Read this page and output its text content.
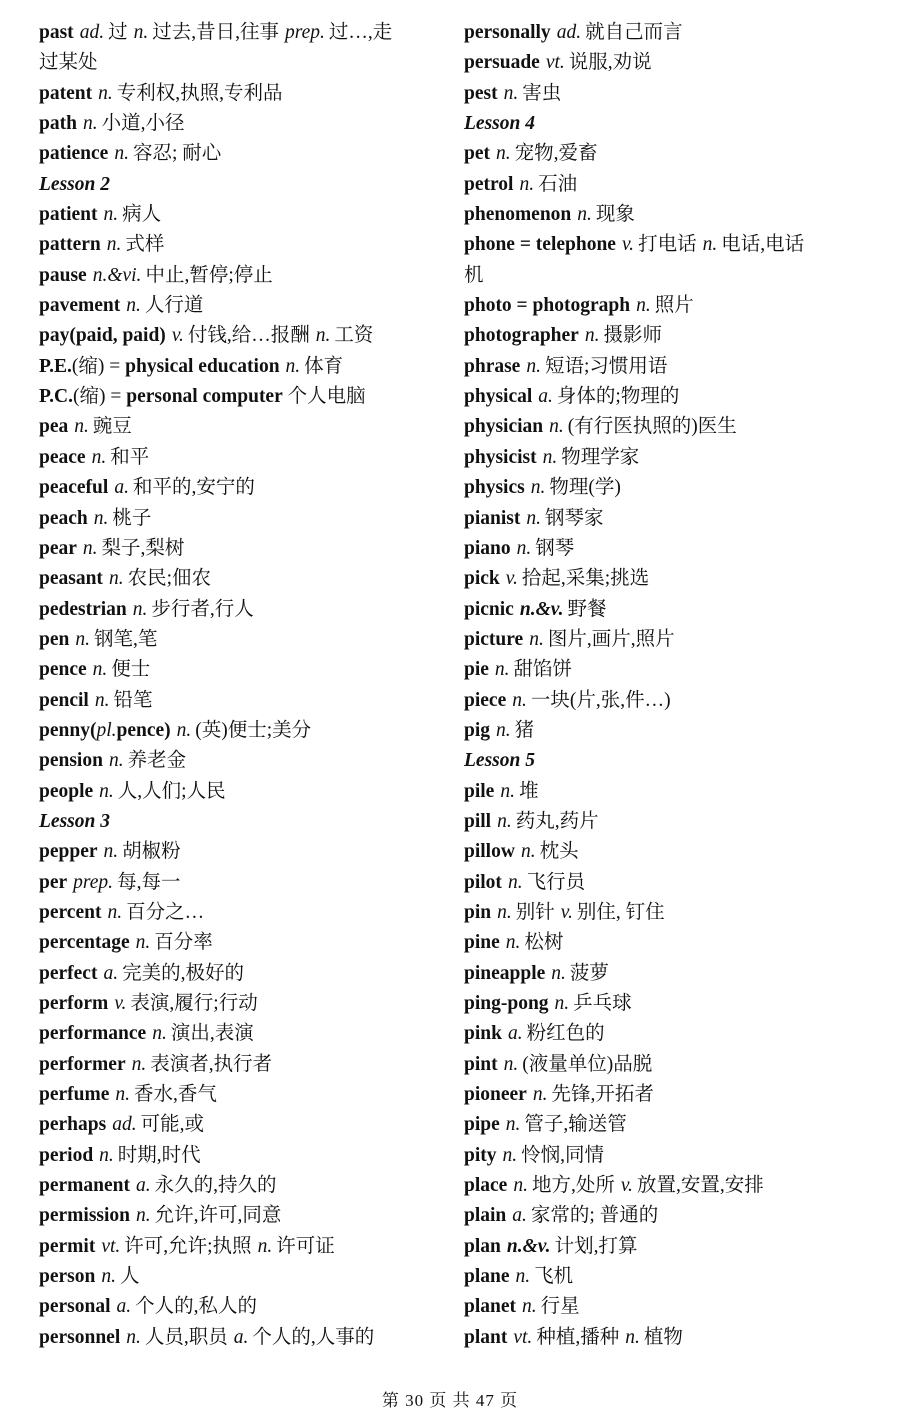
past ad. 过 n. 过去,昔日,往事 prep. 过…,走
过某处
patent n. 专利权,执照,专利品
path n. 小道,小径
patience n. 容忍; 耐心
Lesson 2
patient n. 病人
pattern n. 式样
pause n.&vi. 中止,暂停;停止
pavement n. 人行道
pay(paid, paid) v. 付钱,给…报酬 n. 工资
P.E.(缩) = physical education n. 体育
P.C.(缩) = personal computer 个人电脑
pea n. 豌豆
peace n. 和平
peaceful a. 和平的,安宁的
peach n. 桃子
pear n. 梨子,梨树
peasant n. 农民;佃农
pedestrian n. 步行者,行人
pen n. 钢笔,笔
pence n. 便士
pencil n. 铅笔
penny(pl.pence) n. (英)便士;美分
pension n. 养老金
people n. 人,人们;人民
Lesson 3
pepper n. 胡椒粉
per prep. 每,每一
percent n. 百分之…
percentage n. 百分率
perfect a. 完美的,极好的
perform v. 表演,履行;行动
performance n. 演出,表演
performer n. 表演者,执行者
perfume n. 香水,香气
perhaps ad. 可能,或
period n. 时期,时代
permanent a. 永久的,持久的
permission n. 允许,许可,同意
permit vt. 许可,允许;执照 n. 许可证
person n. 人
personal a. 个人的,私人的
personnel n. 人员,职员 a. 个人的,人事的
personally ad. 就自己而言
persuade vt. 说服,劝说
pest n. 害虫
Lesson 4
pet n. 宠物,爱畜
petrol n. 石油
phenomenon n. 现象
phone = telephone v. 打电话 n. 电话,电话
机
photo = photograph n. 照片
photographer n. 摄影师
phrase n. 短语;习惯用语
physical a. 身体的;物理的
physician n. (有行医执照的)医生
physicist n. 物理学家
physics n. 物理(学)
pianist n. 钢琴家
piano n. 钢琴
pick v. 拾起,采集;挑选
picnic n.&v. 野餐
picture n. 图片,画片,照片
pie n. 甜馅饼
piece n. 一块(片,张,件…)
pig n. 猪
Lesson 5
pile n. 堆
pill n. 药丸,药片
pillow n. 枕头
pilot n. 飞行员
pin n. 别针 v. 别住, 钉住
pine n. 松树
pineapple n. 菠萝
ping-pong n. 乒乓球
pink a. 粉红色的
pint n. (液量单位)品脱
pioneer n. 先锋,开拓者
pipe n. 管子,输送管
pity n. 怜悯,同情
place n. 地方,处所 v. 放置,安置,安排
plain a. 家常的; 普通的
plan n.&v. 计划,打算
plane n. 飞机
planet n. 行星
plant vt. 种植,播种 n. 植物
第 30 页 共 47 页
